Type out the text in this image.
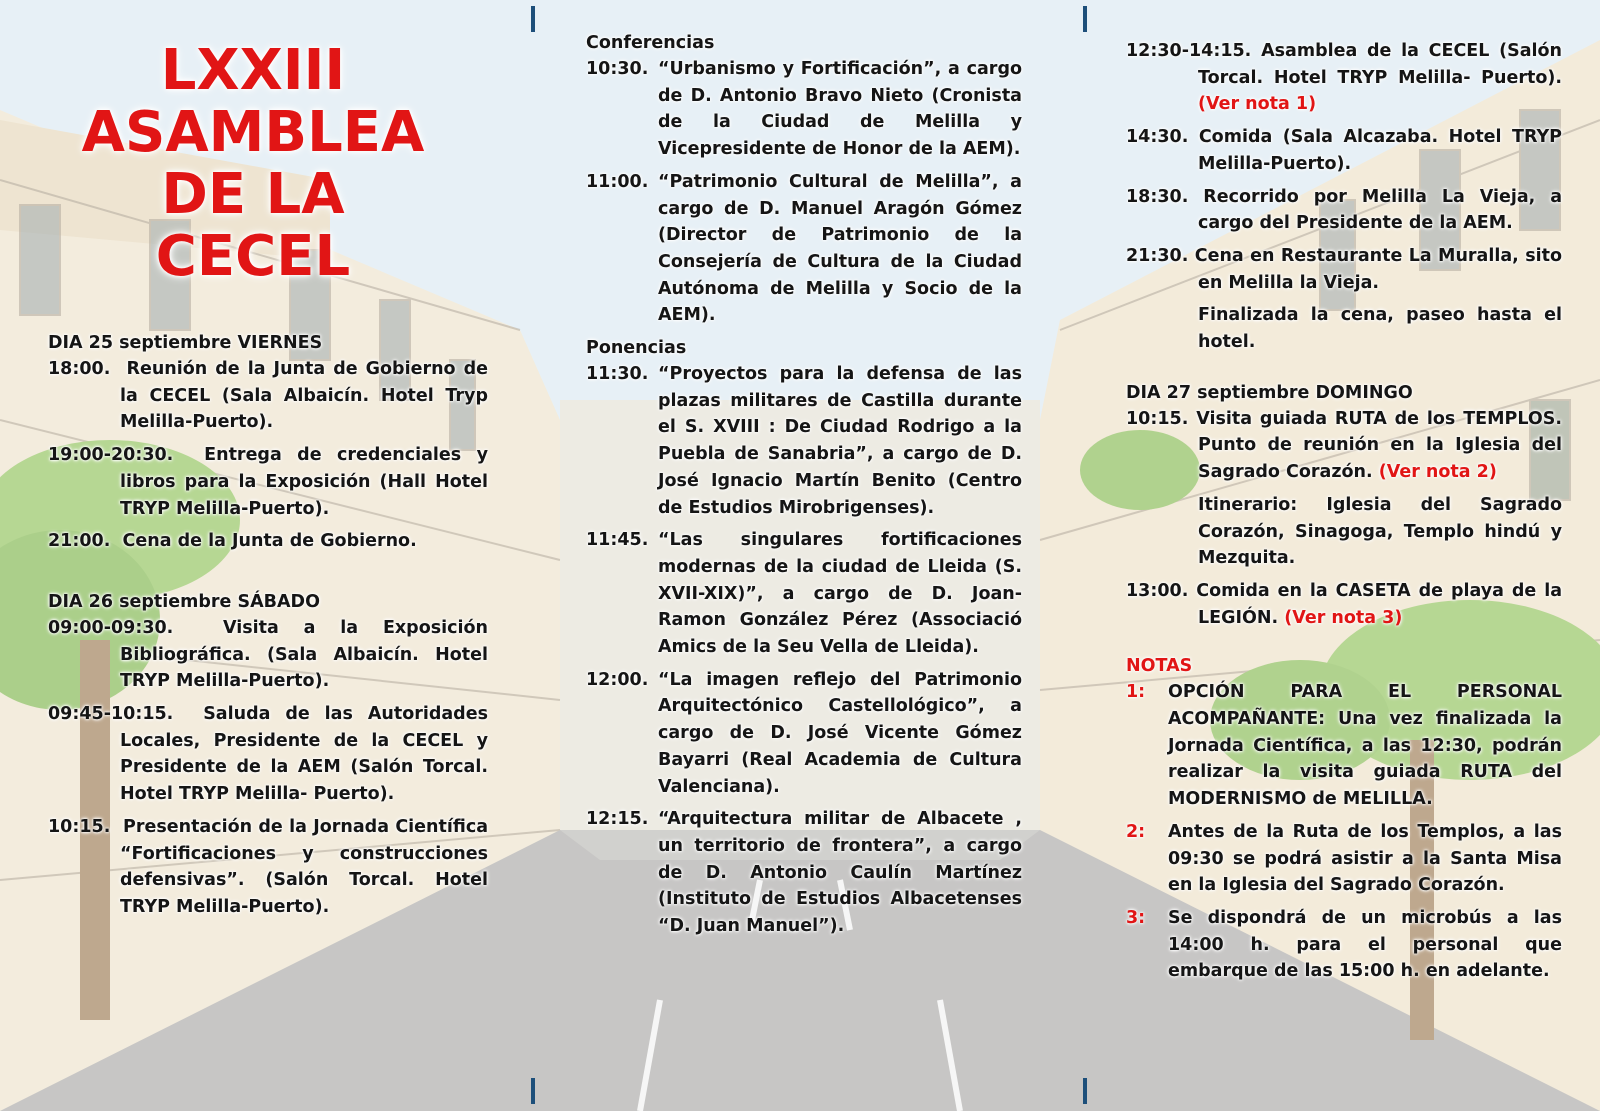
LXXIII
ASAMBLEA
DE LA
CECEL
DIA 25 septiembre VIERNES
18:00. Reunión de la Junta de Gobierno de la CECEL (Sala Albaicín. Hotel Tryp Melilla-Puerto).
19:00-20:30. Entrega de credenciales y libros para la Exposición (Hall Hotel TRYP Melilla-Puerto).
21:00. Cena de la Junta de Gobierno.
DIA 26 septiembre SÁBADO
09:00-09:30.	Visita a la Exposición Bibliográfica. (Sala Albaicín. Hotel TRYP Melilla-Puerto).
09:45-10:15. Saluda de las Autoridades Locales, Presidente de la CECEL y Presidente de la AEM (Salón Torcal. Hotel TRYP Melilla- Puerto).
10:15. Presentación de la Jornada Científica “Fortificaciones y construcciones defensivas”. (Salón Torcal. Hotel TRYP Melilla-Puerto).
Conferencias
10:30. “Urbanismo y Fortificación”, a cargo de D. Antonio Bravo Nieto (Cronista de la Ciudad de Melilla y Vicepresidente de Honor de la AEM).
11:00. “Patrimonio Cultural de Melilla”, a cargo de D. Manuel Aragón Gómez (Director de Patrimonio de la Consejería de Cultura de la Ciudad Autónoma de Melilla y Socio de la AEM).
Ponencias
11:30. “Proyectos para la defensa de las plazas militares de Castilla durante el S. XVIII : De Ciudad Rodrigo a la Puebla de Sanabria”, a cargo de D. José Ignacio Martín Benito (Centro de Estudios Mirobrigenses).
11:45. “Las singulares fortificaciones modernas de la ciudad de Lleida (S. XVII-XIX)”, a cargo de D. Joan-Ramon González Pérez (Associació Amics de la Seu Vella de Lleida).
12:00. “La imagen reflejo del Patrimonio Arquitectónico Castellológico”, a cargo de D. José Vicente Gómez Bayarri (Real Academia de Cultura Valenciana).
12:15. “Arquitectura militar de Albacete , un territorio de frontera”, a cargo de D. Antonio Caulín Martínez (Instituto de Estudios Albacetenses “D. Juan Manuel”).
12:30-14:15. Asamblea de la CECEL (Salón Torcal. Hotel TRYP Melilla- Puerto). (Ver nota 1)
14:30. Comida (Sala Alcazaba. Hotel TRYP Melilla-Puerto).
18:30. Recorrido por Melilla La Vieja, a cargo del Presidente de la AEM.
21:30. Cena en Restaurante La Muralla, sito en Melilla la Vieja.
Finalizada la cena, paseo hasta el hotel.
DIA 27 septiembre DOMINGO
10:15. Visita guiada RUTA de los TEMPLOS. Punto de reunión en la Iglesia del Sagrado Corazón. (Ver nota 2)
Itinerario: Iglesia del Sagrado Corazón, Sinagoga, Templo hindú y Mezquita.
13:00. Comida en la CASETA de playa de la LEGIÓN. (Ver nota 3)
NOTAS
1:	OPCIÓN PARA EL PERSONAL ACOMPAÑANTE: Una vez finalizada la Jornada Científica, a las 12:30, podrán realizar la visita guiada RUTA del MODERNISMO de MELILLA.
2:	Antes de la Ruta de los Templos, a las 09:30 se podrá asistir a la Santa Misa en la Iglesia del Sagrado Corazón.
3:	Se dispondrá de un microbús a las 14:00 h. para el personal que embarque de las 15:00 h. en adelante.
